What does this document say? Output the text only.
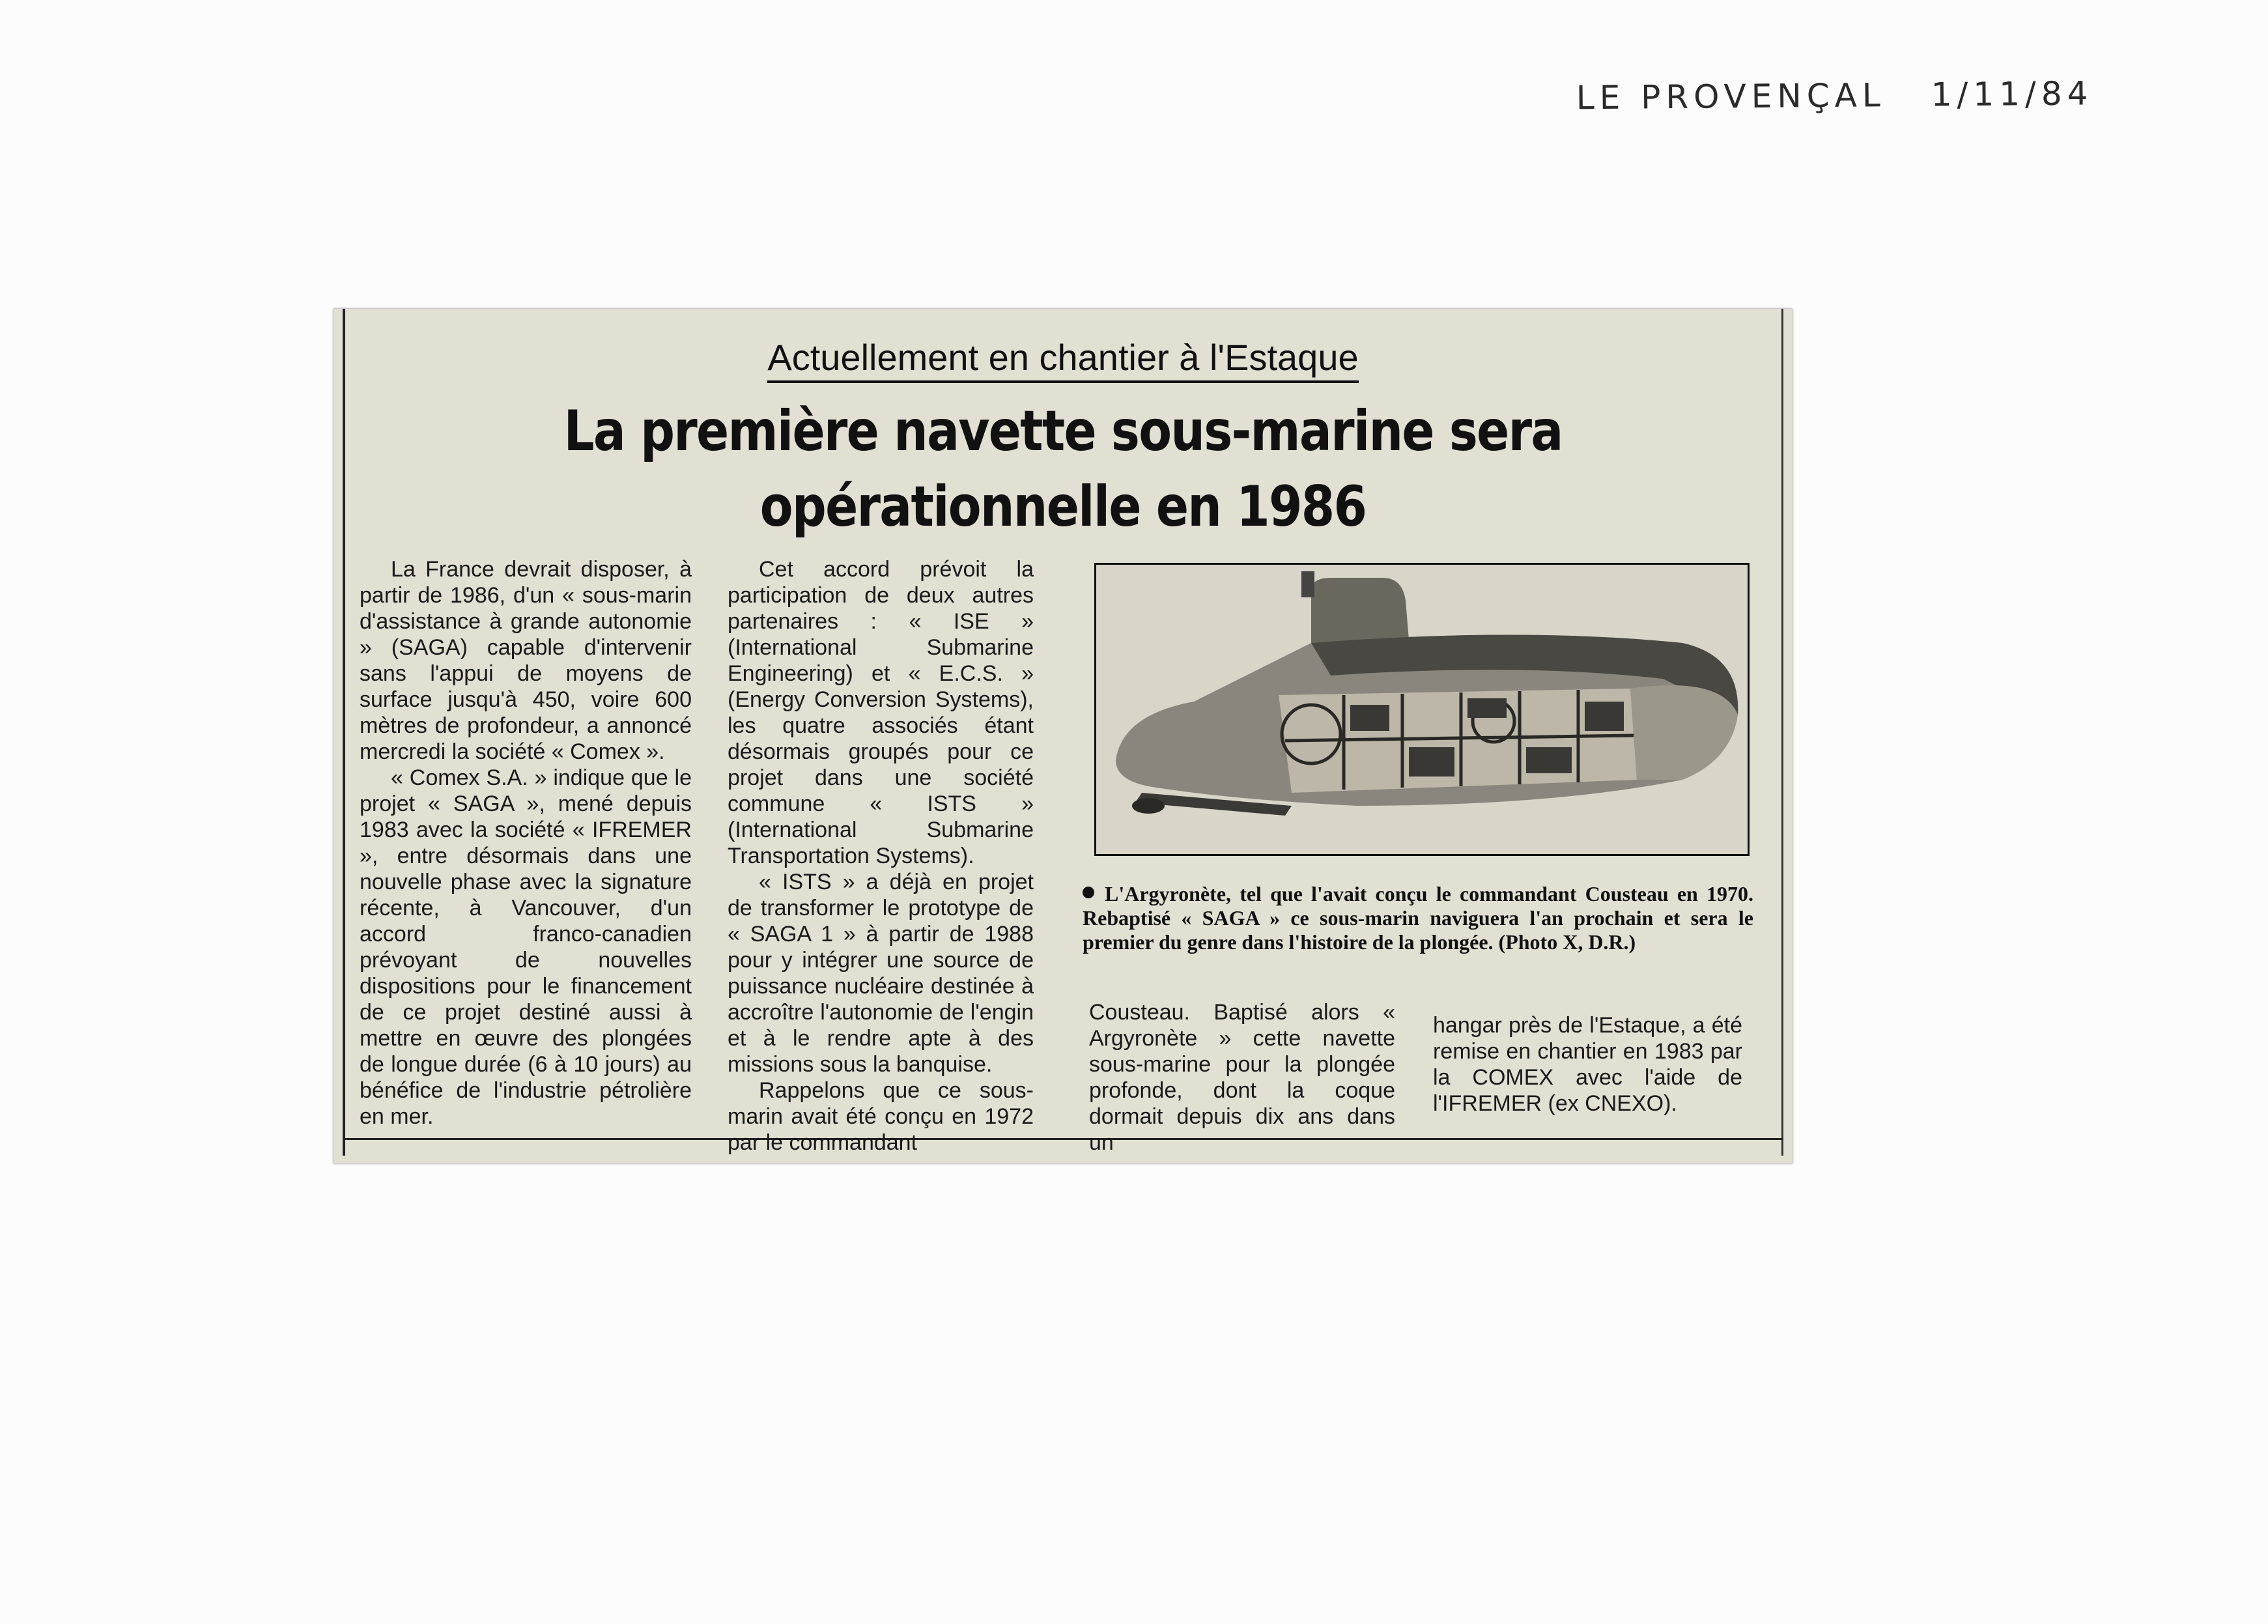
LE PROVENÇAL 1/11/84
Actuellement en chantier à l'Estaque
La première navette sous-marine sera opérationnelle en 1986

La France devrait disposer, à partir de 1986, d'un « sous-marin d'assistance à grande autonomie » (SAGA) capable d'intervenir sans l'appui de moyens de surface jusqu'à 450, voire 600 mètres de profondeur, a annoncé mercredi la société « Comex ».

« Comex S.A. » indique que le projet « SAGA », mené depuis 1983 avec la société « IFREMER », entre désormais dans une nouvelle phase avec la signature récente, à Vancouver, d'un accord franco-canadien prévoyant de nouvelles dispositions pour le financement de ce projet destiné aussi à mettre en œuvre des plongées de longue durée (6 à 10 jours) au bénéfice de l'industrie pétrolière en mer.

Cet accord prévoit la participation de deux autres partenaires : « ISE » (International Submarine Engineering) et « E.C.S. » (Energy Conversion Systems), les quatre associés étant désormais groupés pour ce projet dans une société commune « ISTS » (International Submarine Transportation Systems).

« ISTS » a déjà en projet de transformer le prototype de « SAGA 1 » à partir de 1988 pour y intégrer une source de puissance nucléaire destinée à accroître l'autonomie de l'engin et à le rendre apte à des missions sous la banquise.

Rappelons que ce sous-marin avait été conçu en 1972 par le commandant

L'Argyronète, tel que l'avait conçu le commandant Cousteau en 1970. Rebaptisé « SAGA » ce sous-marin naviguera l'an prochain et sera le premier du genre dans l'histoire de la plongée. (Photo X, D.R.)

Cousteau. Baptisé alors « Argyronète » cette navette sous-marine pour la plongée profonde, dont la coque dormait depuis dix ans dans un

hangar près de l'Estaque, a été remise en chantier en 1983 par la COMEX avec l'aide de l'IFREMER (ex CNEXO).
